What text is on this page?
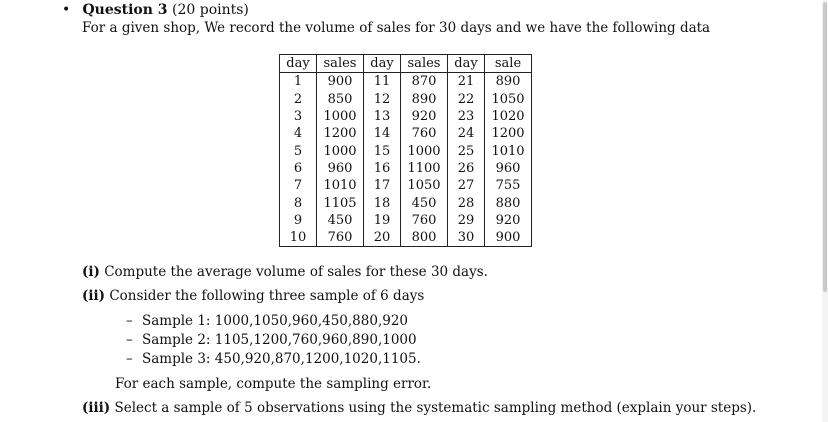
• Question 3 (20 points)
For a given shop, We record the volume of sales for 30 days and we have the following data
day	sales	day	sales	day	sale
1	900	11	870	21	890
2	850	12	890	22	1050
3	1000	13	920	23	1020
4	1200	14	760	24	1200
5	1000	15	1000	25	1010
6	960	16	1100	26	960
7	1010	17	1050	27	755
8	1105	18	450	28	880
9	450	19	760	29	920
10	760	20	800	30	900
(i) Compute the average volume of sales for these 30 days.
(ii) Consider the following three sample of 6 days
– Sample 1: 1000,1050,960,450,880,920
– Sample 2: 1105,1200,760,960,890,1000
– Sample 3: 450,920,870,1200,1020,1105.
For each sample, compute the sampling error.
(iii) Select a sample of 5 observations using the systematic sampling method (explain your steps).
